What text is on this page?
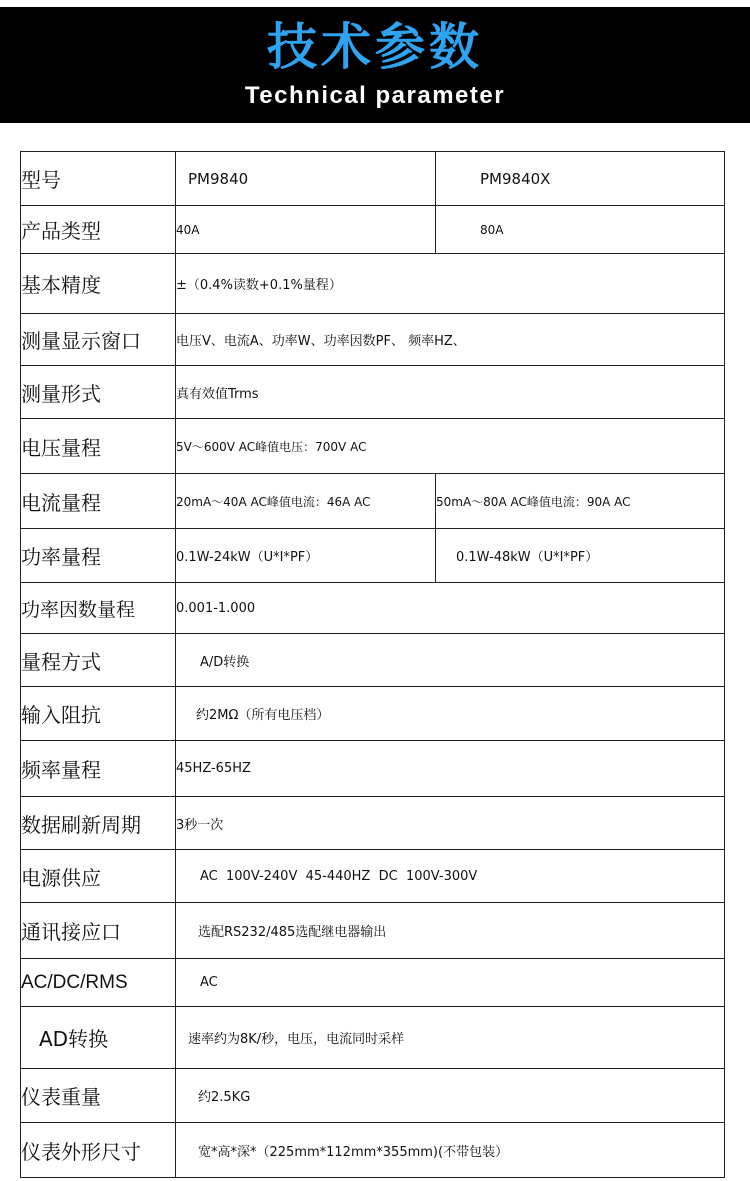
技术参数
Technical parameter
型号	PM9840	PM9840X
产品类型	40A	80A
基本精度	±（0.4%读数+0.1%量程）	
测量显示窗口	电压V、电流A、功率W、功率因数PF、 频率HZ、	
测量形式	真有效值Trms	
电压量程	5V～600V AC峰值电压：700V AC	
电流量程	20mA～40A AC峰值电流：46A AC	50mA～80A AC峰值电流：90A AC
功率量程	0.1W-24kW（U*I*PF）	0.1W-48kW（U*I*PF）
功率因数量程	0.001-1.000	
量程方式	A/D转换	
输入阻抗	约2MΩ（所有电压档）	
频率量程	45HZ-65HZ	
数据刷新周期	3秒一次	
电源供应	AC  100V-240V  45-440HZ  DC  100V-300V	
通讯接应口	选配RS232/485选配继电器输出	
AC/DC/RMS	AC	
AD转换	速率约为8K/秒，电压，电流同时采样	
仪表重量	约2.5KG	
仪表外形尺寸	宽*高*深*（225mm*112mm*355mm)(不带包装）	
